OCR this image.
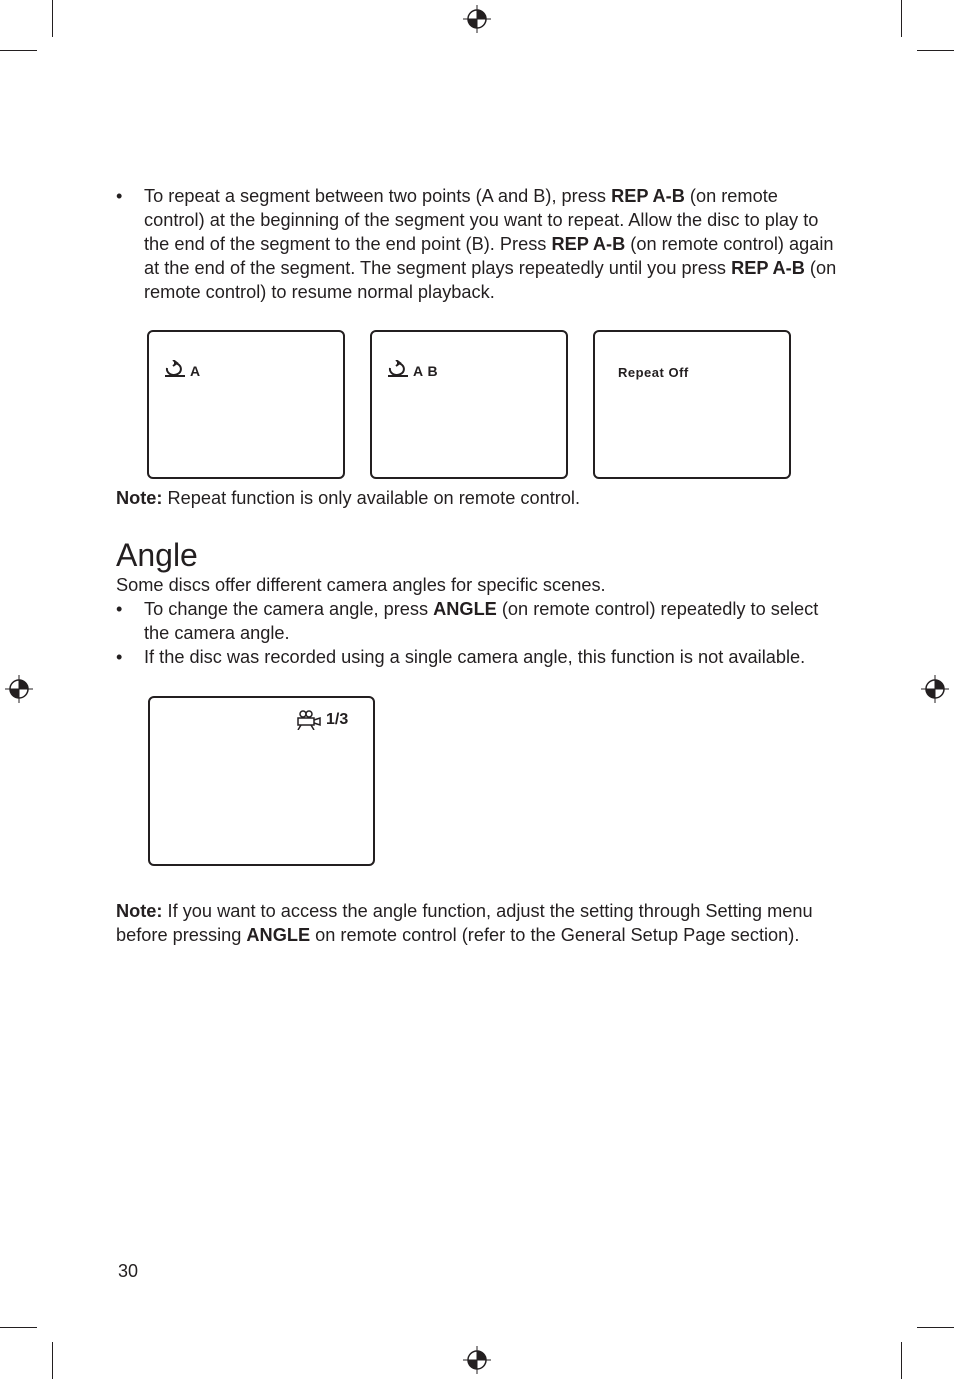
• To repeat a segment between two points (A and B), press REP A-B (on remote control) at the beginning of the segment you want to repeat. Allow the disc to play to the end of the segment to the end point (B). Press REP A-B (on remote control) again at the end of the segment. The segment plays repeatedly until you press REP A-B (on remote control) to resume normal playback.
A	A B	Repeat Off
Note: Repeat function is only available on remote control.
Angle
Some discs offer different camera angles for specific scenes.
• To change the camera angle, press ANGLE (on remote control) repeatedly to select the camera angle.
• If the disc was recorded using a single camera angle, this function is not available.
1/3
Note: If you want to access the angle function, adjust the setting through Setting menu before pressing ANGLE on remote control (refer to the General Setup Page section).
30
